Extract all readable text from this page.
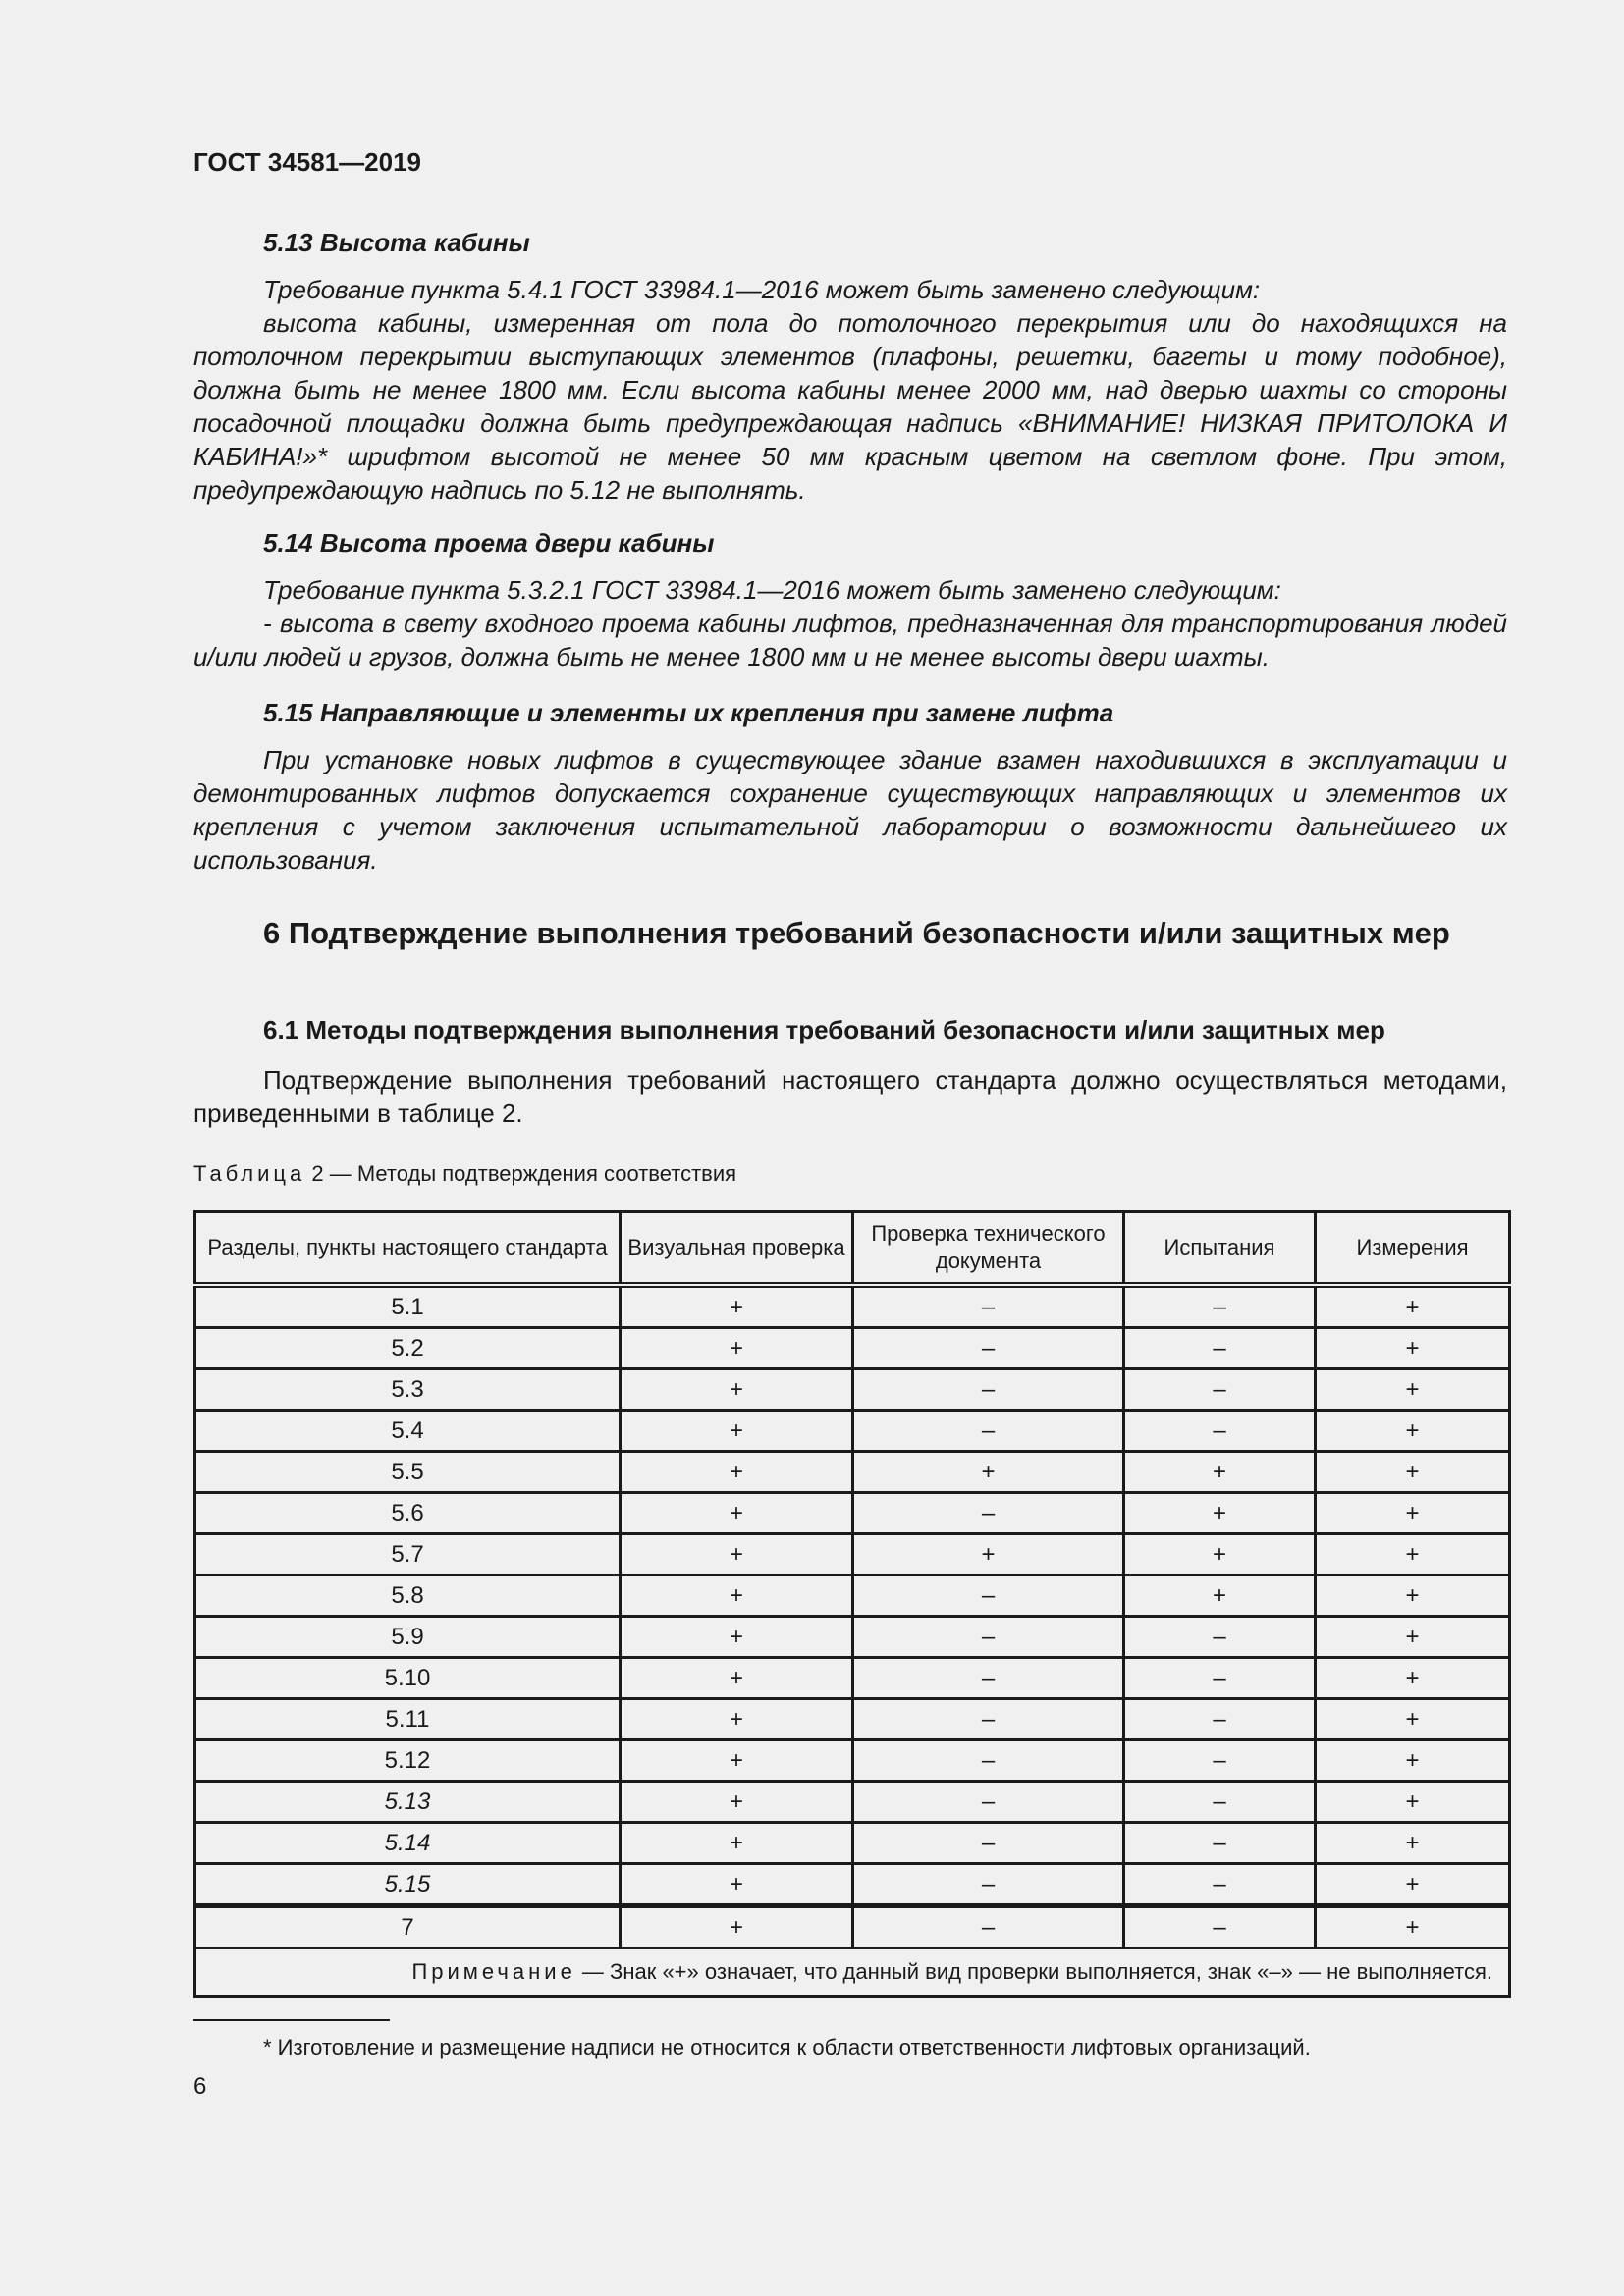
ГОСТ 34581—2019
5.13 Высота кабины

Требование пункта 5.4.1 ГОСТ 33984.1—2016 может быть заменено следующим:

высота кабины, измеренная от пола до потолочного перекрытия или до находящихся на потолочном перекрытии выступающих элементов (плафоны, решетки, багеты и тому подобное), должна быть не менее 1800 мм. Если высота кабины менее 2000 мм, над дверью шахты со стороны посадочной площадки должна быть предупреждающая надпись «ВНИМАНИЕ! НИЗКАЯ ПРИТОЛОКА И КАБИНА!»* шрифтом высотой не менее 50 мм красным цветом на светлом фоне. При этом, предупреждающую надпись по 5.12 не выполнять.

5.14 Высота проема двери кабины

Требование пункта 5.3.2.1 ГОСТ 33984.1—2016 может быть заменено следующим:

- высота в свету входного проема кабины лифтов, предназначенная для транспортирования людей и/или людей и грузов, должна быть не менее 1800 мм и не менее высоты двери шахты.

5.15 Направляющие и элементы их крепления при замене лифта

При установке новых лифтов в существующее здание взамен находившихся в эксплуатации и демонтированных лифтов допускается сохранение существующих направляющих и элементов их крепления с учетом заключения испытательной лаборатории о возможности дальнейшего их использования.

6 Подтверждение выполнения требований безопасности и/или защитных мер
6.1 Методы подтверждения выполнения требований безопасности и/или защитных мер

Подтверждение выполнения требований настоящего стандарта должно осуществляться методами, приведенными в таблице 2.

Таблица 2 — Методы подтверждения соответствия
Разделы, пункты настоящего стандарта	Визуальная проверка	Проверка технического документа	Испытания	Измерения
5.1	+	–	–	+
5.2	+	–	–	+
5.3	+	–	–	+
5.4	+	–	–	+
5.5	+	+	+	+
5.6	+	–	+	+
5.7	+	+	+	+
5.8	+	–	+	+
5.9	+	–	–	+
5.10	+	–	–	+
5.11	+	–	–	+
5.12	+	–	–	+
5.13	+	–	–	+
5.14	+	–	–	+
5.15	+	–	–	+
7	+	–	–	+
Примечание — Знак «+» означает, что данный вид проверки выполняется, знак «–» — не выполняется.				
* Изготовление и размещение надписи не относится к области ответственности лифтовых организаций.
6
